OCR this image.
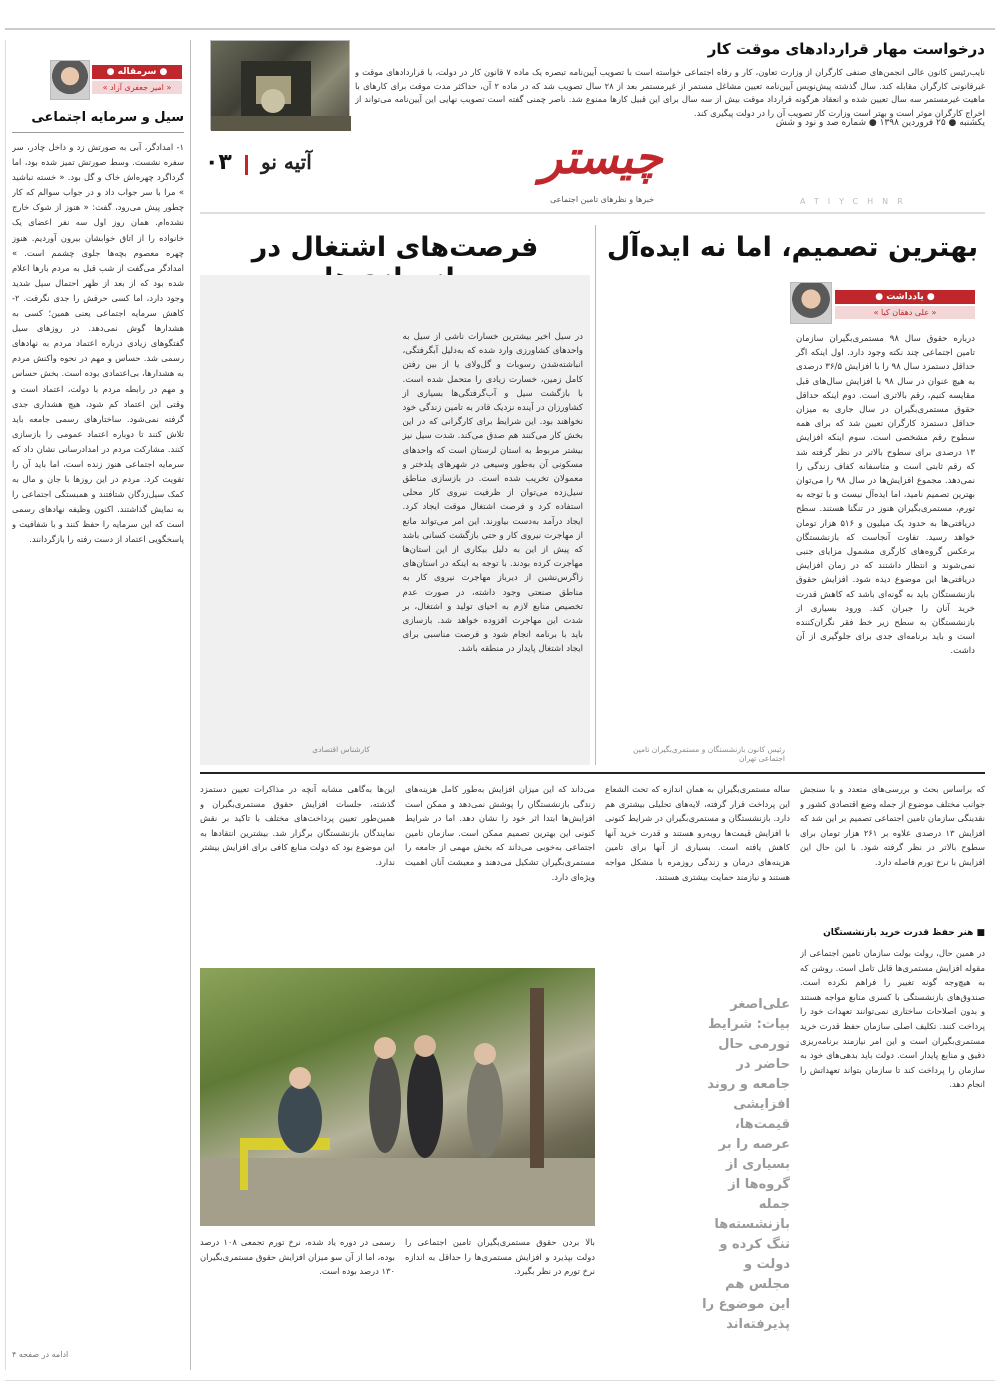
درخواست مهار قراردادهای موقت کار
نایب‌رئیس کانون عالی انجمن‌های صنفی کارگران از وزارت تعاون، کار و رفاه اجتماعی خواسته است با تصویب آیین‌نامه تبصره یک ماده ۷ قانون کار در دولت، با قراردادهای موقت و غیرقانونی کارگران مقابله کند. سال گذشته پیش‌نویس آیین‌نامه تعیین مشاغل مستمر از غیرمستمر بعد از ۲۸ سال تصویب شد که در ماده ۲ آن، حداکثر مدت موقت برای کارهای با ماهیت غیرمستمر سه سال تعیین شده و انعقاد هرگونه قرارداد موقت بیش از سه سال برای این قبیل کارها ممنوع شد. ناصر چمنی گفته است تصویب نهایی این آیین‌نامه می‌تواند از اخراج کارگران موثر است و بهتر است وزارت کار تصویب آن را در دولت پیگیری کند.
یکشنبه ● ۲۵ فروردین ۱۳۹۸ ● شماره صد و نود و شش
چیستر
خبرها و نظرهای تامین اجتماعی	ATIYCHNR
۰۳ آتیه نو
● سرمقاله ●
« امیر جعفری آزاد »
سیل و سرمایه اجتماعی
۱- امدادگر، آبی به صورتش زد و داخل چادر، سر سفره نشست. وسط صورتش تمیز شده بود، اما گرداگرد چهره‌اش خاک و گل بود. « خسته نباشید » مرا با سر جواب داد و در جواب سوالم که کار چطور پیش می‌رود، گفت: « هنوز از شوک خارج نشده‌ام. همان روز اول سه نفر اعضای یک خانواده را از اتاق خوابشان بیرون آوردیم. هنوز چهره معصوم بچه‌ها جلوی چشمم است. » امدادگر می‌گفت از شب قبل به مردم بارها اعلام شده بود که از بعد از ظهر احتمال سیل شدید وجود دارد، اما کسی حرفش را جدی نگرفت. ۲- کاهش سرمایه اجتماعی یعنی همین؛ کسی به هشدارها گوش نمی‌دهد. در روزهای سیل گفتگوهای زیادی درباره اعتماد مردم به نهادهای رسمی شد. حساس و مهم در نحوه واکنش مردم به هشدارها، بی‌اعتمادی بوده است. بخش حساس و مهم در رابطه مردم با دولت، اعتماد است و وقتی این اعتماد کم شود، هیچ هشداری جدی گرفته نمی‌شود. ساختارهای رسمی جامعه باید تلاش کنند تا دوباره اعتماد عمومی را بازسازی کنند. مشارکت مردم در امدادرسانی نشان داد که سرمایه اجتماعی هنوز زنده است، اما باید آن را تقویت کرد. مردم در این روزها با جان و مال به کمک سیل‌زدگان شتافتند و همبستگی اجتماعی را به نمایش گذاشتند. اکنون وظیفه نهادهای رسمی است که این سرمایه را حفظ کنند و با شفافیت و پاسخگویی اعتماد از دست رفته را بازگردانند.
ادامه در صفحه ۴
بهترین تصمیم، اما نه ایده‌آل
● یادداشت ●
« علی دهقان کیا »
درباره حقوق سال ۹۸ مستمری‌بگیران سازمان تامین اجتماعی چند نکته وجود دارد. اول اینکه اگر حداقل دستمزد سال ۹۸ را با افزایش ۳۶/۵ درصدی به هیچ عنوان در سال ۹۸ با افزایش سال‌های قبل مقایسه کنیم، رقم بالاتری است. دوم اینکه حداقل حقوق مستمری‌بگیران در سال جاری به میزان حداقل دستمزد کارگران تعیین شد که برای همه سطوح رقم مشخصی است. سوم اینکه افزایش ۱۳ درصدی برای سطوح بالاتر در نظر گرفته شد که رقم ثابتی است و متاسفانه کفاف زندگی را نمی‌دهد. مجموع افزایش‌ها در سال ۹۸ را می‌توان بهترین تصمیم نامید، اما ایده‌آل نیست و با توجه به تورم، مستمری‌بگیران هنوز در تنگنا هستند. سطح دریافتی‌ها به حدود یک میلیون و ۵۱۶ هزار تومان خواهد رسید. تفاوت آنجاست که بازنشستگان برعکس گروه‌های کارگری مشمول مزایای جنبی نمی‌شوند و انتظار داشتند که در زمان افزایش دریافتی‌ها این موضوع دیده شود. افزایش حقوق بازنشستگان باید به گونه‌ای باشد که کاهش قدرت خرید آنان را جبران کند. ورود بسیاری از بازنشستگان به سطح زیر خط فقر نگران‌کننده است و باید برنامه‌ای جدی برای جلوگیری از آن داشت.
رئیس کانون بازنشستگان و مستمری‌بگیران تامین اجتماعی تهران
فرصت‌های اشتغال در
در سیل اخیر بیشترین خسارات ناشی از سیل به واحدهای کشاورزی وارد شده که به‌دلیل آبگرفتگی، انباشته‌شدن رسوبات و گل‌ولای یا از بین رفتن کامل زمین، خسارت زیادی را متحمل شده است. با بازگشت سیل و آب‌گرفتگی‌ها بسیاری از کشاورزان در آینده نزدیک قادر به تامین زندگی خود نخواهند بود. این شرایط برای کارگرانی که در این بخش کار می‌کنند هم صدق می‌کند. شدت سیل نیز بیشتر مربوط به استان لرستان است که واحدهای مسکونی آن به‌طور وسیعی در شهرهای پلدختر و معمولان تخریب شده است. در بازسازی مناطق سیل‌زده می‌توان از ظرفیت نیروی کار محلی استفاده کرد و فرصت اشتغال موقت ایجاد کرد. ایجاد درآمد به‌دست بیاورند. این امر می‌تواند مانع از مهاجرت نیروی کار و حتی بازگشت کسانی باشد که پیش از این به دلیل بیکاری از این استان‌ها مهاجرت کرده بودند. با توجه به اینکه در استان‌های زاگرس‌نشین از دیرباز مهاجرت نیروی کار به مناطق صنعتی وجود داشته، در صورت عدم تخصیص منابع لازم به احیای تولید و اشتغال، بر شدت این مهاجرت افزوده خواهد شد. بازسازی باید با برنامه انجام شود و فرصت مناسبی برای ایجاد اشتغال پایدار در منطقه باشد.
کارشناس اقتصادی
که براساس بحث و بررسی‌های متعدد و با سنجش جوانب مختلف موضوع از جمله وضع اقتصادی کشور و نقدینگی سازمان تامین اجتماعی تصمیم بر این شد که افزایش ۱۳ درصدی علاوه بر ۲۶۱ هزار تومان برای سطوح بالاتر در نظر گرفته شود. با این حال این افزایش با نرخ تورم فاصله دارد.
■ هنر حفظ قدرت خرید بازنشستگان
در همین حال، رولت بولت سازمان تامین اجتماعی از مقوله افزایش مستمری‌ها قابل تامل است. روشن که به هیچ‌وجه گونه تغییر را فراهم نکرده است. صندوق‌های بازنشستگی با کسری منابع مواجه هستند و بدون اصلاحات ساختاری نمی‌توانند تعهدات خود را پرداخت کنند. تکلیف اصلی سازمان حفظ قدرت خرید مستمری‌بگیران است و این امر نیازمند برنامه‌ریزی دقیق و منابع پایدار است. دولت باید بدهی‌های خود به سازمان را پرداخت کند تا سازمان بتواند تعهداتش را انجام دهد.
ساله مستمری‌بگیران به همان اندازه که تحت الشعاع این پرداخت قرار گرفته، لایه‌های تحلیلی بیشتری هم دارد. بازنشستگان و مستمری‌بگیران در شرایط کنونی با افزایش قیمت‌ها روبه‌رو هستند و قدرت خرید آنها کاهش یافته است. بسیاری از آنها برای تامین هزینه‌های درمان و زندگی روزمره با مشکل مواجه هستند و نیازمند حمایت بیشتری هستند.
علی‌اصغر بیات: شرایط تورمی حال حاضر در جامعه و روند افزایشی قیمت‌ها، عرصه را بر بسیاری از گروه‌ها از جمله بازنشسته‌ها تنگ کرده و دولت و مجلس هم این موضوع را پذیرفته‌اند
می‌داند که این میزان افزایش به‌طور کامل هزینه‌های زندگی بازنشستگان را پوشش نمی‌دهد و ممکن است افزایش‌ها ابتدا اثر خود را نشان دهد. اما در شرایط کنونی این بهترین تصمیم ممکن است. سازمان تامین اجتماعی به‌خوبی می‌داند که بخش مهمی از جامعه را مستمری‌بگیران تشکیل می‌دهند و معیشت آنان اهمیت ویژه‌ای دارد.
این‌ها به‌گاهی مشابه آنچه در مذاکرات تعیین دستمزد گذشته، جلسات افزایش حقوق مستمری‌بگیران و همین‌طور تعیین پرداخت‌های مختلف با تاکید بر نقش نمایندگان بازنشستگان برگزار شد. بیشترین انتقادها به این موضوع بود که دولت منابع کافی برای افزایش بیشتر ندارد.
بالا بردن حقوق مستمری‌بگیران تامین اجتماعی را دولت بپذیرد و افزایش مستمری‌ها را حداقل به اندازه نرخ تورم در نظر بگیرد.
رسمی در دوره یاد شده، نرخ تورم تجمعی ۱۰۸ درصد بوده، اما از آن سو میزان افزایش حقوق مستمری‌بگیران ۱۳۰ درصد بوده است.
